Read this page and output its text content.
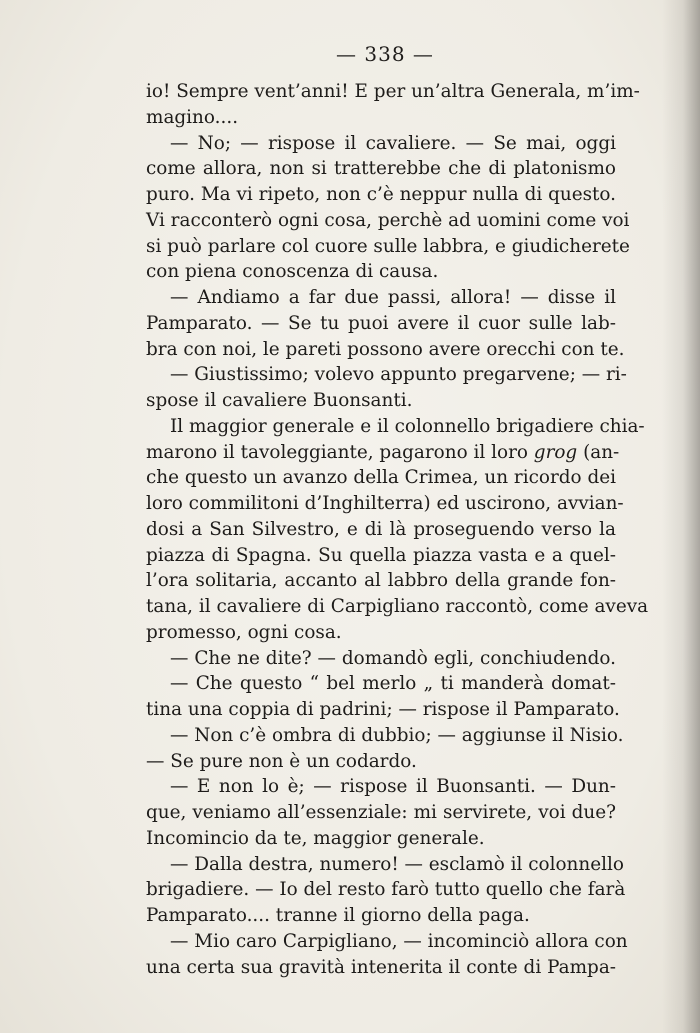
— 338 —
io! Sempre vent’anni! E per un’altra Generala, m’im-
magino....
— No; — rispose il cavaliere. — Se mai, oggi
come allora, non si tratterebbe che di platonismo
puro. Ma vi ripeto, non c’è neppur nulla di questo.
Vi racconterò ogni cosa, perchè ad uomini come voi
si può parlare col cuore sulle labbra, e giudicherete
con piena conoscenza di causa.
— Andiamo a far due passi, allora! — disse il
Pamparato. — Se tu puoi avere il cuor sulle lab-
bra con noi, le pareti possono avere orecchi con te.
— Giustissimo; volevo appunto pregarvene; — ri-
spose il cavaliere Buonsanti.
Il maggior generale e il colonnello brigadiere chia-
marono il tavoleggiante, pagarono il loro grog (an-
che questo un avanzo della Crimea, un ricordo dei
loro commilitoni d’Inghilterra) ed uscirono, avvian-
dosi a San Silvestro, e di là proseguendo verso la
piazza di Spagna. Su quella piazza vasta e a quel-
l’ora solitaria, accanto al labbro della grande fon-
tana, il cavaliere di Carpigliano raccontò, come aveva
promesso, ogni cosa.
— Che ne dite? — domandò egli, conchiudendo.
— Che questo “ bel merlo „ ti manderà domat-
tina una coppia di padrini; — rispose il Pamparato.
— Non c’è ombra di dubbio; — aggiunse il Nisio.
— Se pure non è un codardo.
— E non lo è; — rispose il Buonsanti. — Dun-
que, veniamo all’essenziale: mi servirete, voi due?
Incomincio da te, maggior generale.
— Dalla destra, numero! — esclamò il colonnello
brigadiere. — Io del resto farò tutto quello che farà
Pamparato.... tranne il giorno della paga.
— Mio caro Carpigliano, — incominciò allora con
una certa sua gravità intenerita il conte di Pampa-
